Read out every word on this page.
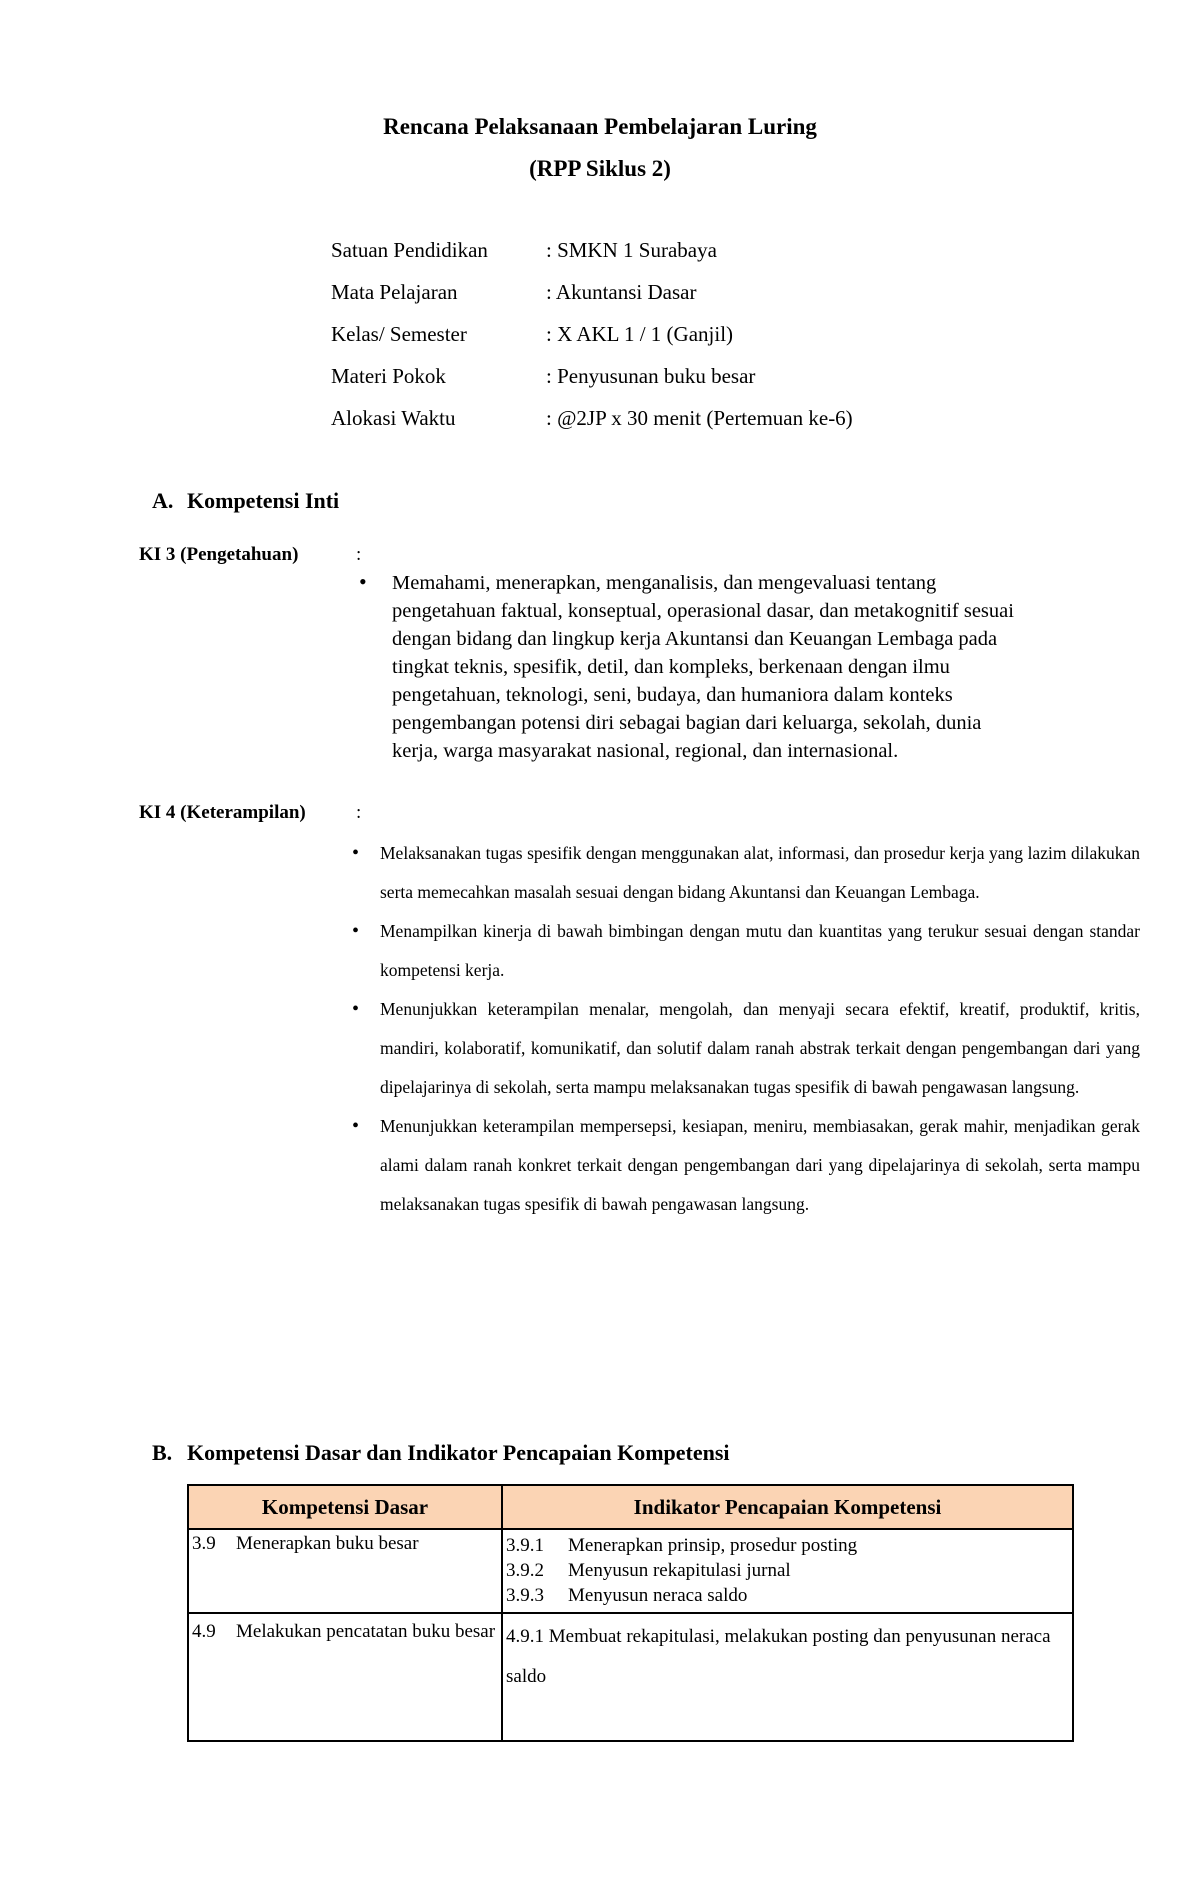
Rencana Pelaksanaan Pembelajaran Luring
(RPP Siklus 2)
Satuan Pendidikan	: SMKN 1 Surabaya
Mata Pelajaran	: Akuntansi Dasar
Kelas/ Semester	: X AKL 1 / 1 (Ganjil)
Materi Pokok	: Penyusunan buku besar
Alokasi Waktu	: @2JP x 30 menit (Pertemuan ke-6)
A. Kompetensi Inti
KI 3 (Pengetahuan)	:
• Memahami, menerapkan, menganalisis, dan mengevaluasi tentang
pengetahuan faktual, konseptual, operasional dasar, dan metakognitif sesuai
dengan bidang dan lingkup kerja Akuntansi dan Keuangan Lembaga pada
tingkat teknis, spesifik, detil, dan kompleks, berkenaan dengan ilmu
pengetahuan, teknologi, seni, budaya, dan humaniora dalam konteks
pengembangan potensi diri sebagai bagian dari keluarga, sekolah, dunia
kerja, warga masyarakat nasional, regional, dan internasional.
KI 4 (Keterampilan)	:
• Melaksanakan tugas spesifik dengan menggunakan alat, informasi, dan prosedur kerja yang lazim dilakukan serta memecahkan masalah sesuai dengan bidang Akuntansi dan Keuangan Lembaga.
• Menampilkan kinerja di bawah bimbingan dengan mutu dan kuantitas yang terukur sesuai dengan standar kompetensi kerja.
• Menunjukkan keterampilan menalar, mengolah, dan menyaji secara efektif, kreatif, produktif, kritis, mandiri, kolaboratif, komunikatif, dan solutif dalam ranah abstrak terkait dengan pengembangan dari yang dipelajarinya di sekolah, serta mampu melaksanakan tugas spesifik di bawah pengawasan langsung.
• Menunjukkan keterampilan mempersepsi, kesiapan, meniru, membiasakan, gerak mahir, menjadikan gerak alami dalam ranah konkret terkait dengan pengembangan dari yang dipelajarinya di sekolah, serta mampu melaksanakan tugas spesifik di bawah pengawasan langsung.
B. Kompetensi Dasar dan Indikator Pencapaian Kompetensi
Kompetensi Dasar	Indikator Pencapaian Kompetensi
3.9 Menerapkan buku besar	3.9.1 Menerapkan prinsip, prosedur posting
3.9.2 Menyusun rekapitulasi jurnal
3.9.3 Menyusun neraca saldo

4.9 Melakukan pencatatan buku besar	4.9.1 Membuat rekapitulasi, melakukan posting dan penyusunan neraca saldo
